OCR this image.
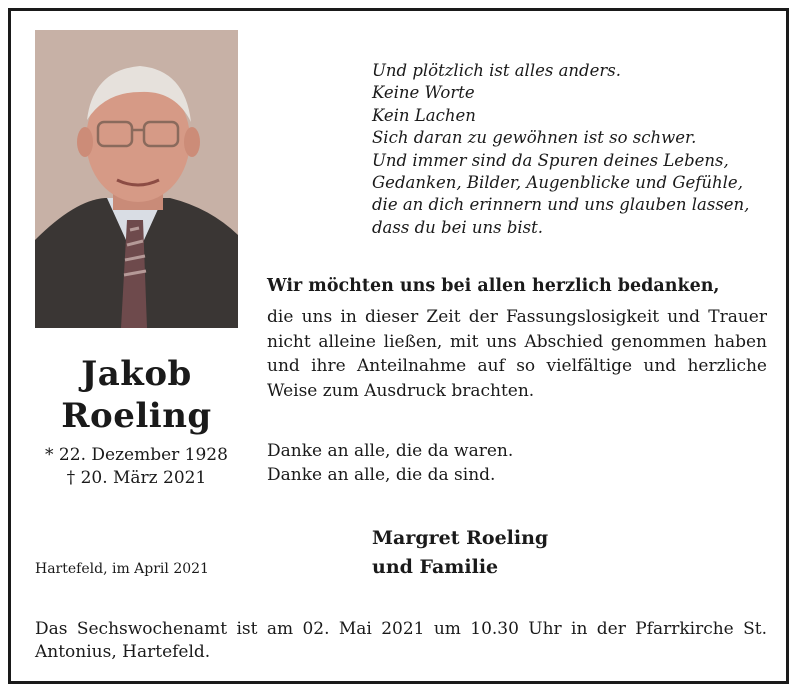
Jakob
Roeling
* 22. Dezember 1928
† 20. März 2021
Hartefeld, im April 2021
Und plötzlich ist alles anders.
Keine Worte
Kein Lachen
Sich daran zu gewöhnen ist so schwer.
Und immer sind da Spuren deines Lebens,
Gedanken, Bilder, Augenblicke und Gefühle,
die an dich erinnern und uns glauben lassen,
dass du bei uns bist.
Wir möchten uns bei allen herzlich bedanken,
die uns in dieser Zeit der Fassungslosigkeit und Trauer nicht alleine ließen, mit uns Abschied genommen haben und ihre Anteilnahme auf so vielfältige und herzliche Weise zum Ausdruck brachten.
Danke an alle, die da waren.
Danke an alle, die da sind.
Margret Roeling
und Familie
Das Sechswochenamt ist am 02. Mai 2021 um 10.30 Uhr in der Pfarrkirche St. Antonius, Hartefeld.
